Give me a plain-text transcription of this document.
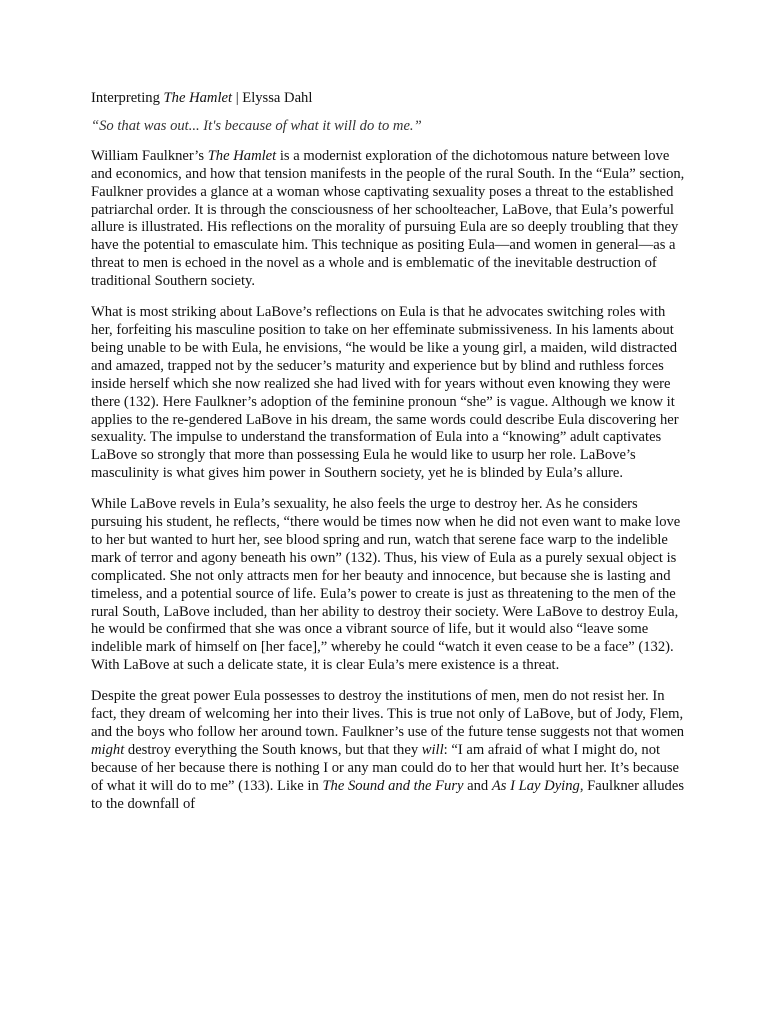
Interpreting The Hamlet | Elyssa Dahl

“So that was out... It's because of what it will do to me.”

William Faulkner’s The Hamlet is a modernist exploration of the dichotomous nature between love and economics, and how that tension manifests in the people of the rural South. In the “Eula” section, Faulkner provides a glance at a woman whose captivating sexuality poses a threat to the established patriarchal order. It is through the consciousness of her schoolteacher, LaBove, that Eula’s powerful allure is illustrated. His reflections on the morality of pursuing Eula are so deeply troubling that they have the potential to emasculate him. This technique as positing Eula—and women in general—as a threat to men is echoed in the novel as a whole and is emblematic of the inevitable destruction of traditional Southern society.

What is most striking about LaBove’s reflections on Eula is that he advocates switching roles with her, forfeiting his masculine position to take on her effeminate submissiveness. In his laments about being unable to be with Eula, he envisions, “he would be like a young girl, a maiden, wild distracted and amazed, trapped not by the seducer’s maturity and experience but by blind and ruthless forces inside herself which she now realized she had lived with for years without even knowing they were there (132). Here Faulkner’s adoption of the feminine pronoun “she” is vague. Although we know it applies to the re-gendered LaBove in his dream, the same words could describe Eula discovering her sexuality. The impulse to understand the transformation of Eula into a “knowing” adult captivates LaBove so strongly that more than possessing Eula he would like to usurp her role. LaBove’s masculinity is what gives him power in Southern society, yet he is blinded by Eula’s allure.

While LaBove revels in Eula’s sexuality, he also feels the urge to destroy her. As he considers pursuing his student, he reflects, “there would be times now when he did not even want to make love to her but wanted to hurt her, see blood spring and run, watch that serene face warp to the indelible mark of terror and agony beneath his own” (132). Thus, his view of Eula as a purely sexual object is complicated. She not only attracts men for her beauty and innocence, but because she is lasting and timeless, and a potential source of life. Eula’s power to create is just as threatening to the men of the rural South, LaBove included, than her ability to destroy their society. Were LaBove to destroy Eula, he would be confirmed that she was once a vibrant source of life, but it would also “leave some indelible mark of himself on [her face],” whereby he could “watch it even cease to be a face” (132). With LaBove at such a delicate state, it is clear Eula’s mere existence is a threat.

Despite the great power Eula possesses to destroy the institutions of men, men do not resist her. In fact, they dream of welcoming her into their lives. This is true not only of LaBove, but of Jody, Flem, and the boys who follow her around town. Faulkner’s use of the future tense suggests not that women might destroy everything the South knows, but that they will: “I am afraid of what I might do, not because of her because there is nothing I or any man could do to her that would hurt her. It’s because of what it will do to me” (133). Like in The Sound and the Fury and As I Lay Dying, Faulkner alludes to the downfall of
